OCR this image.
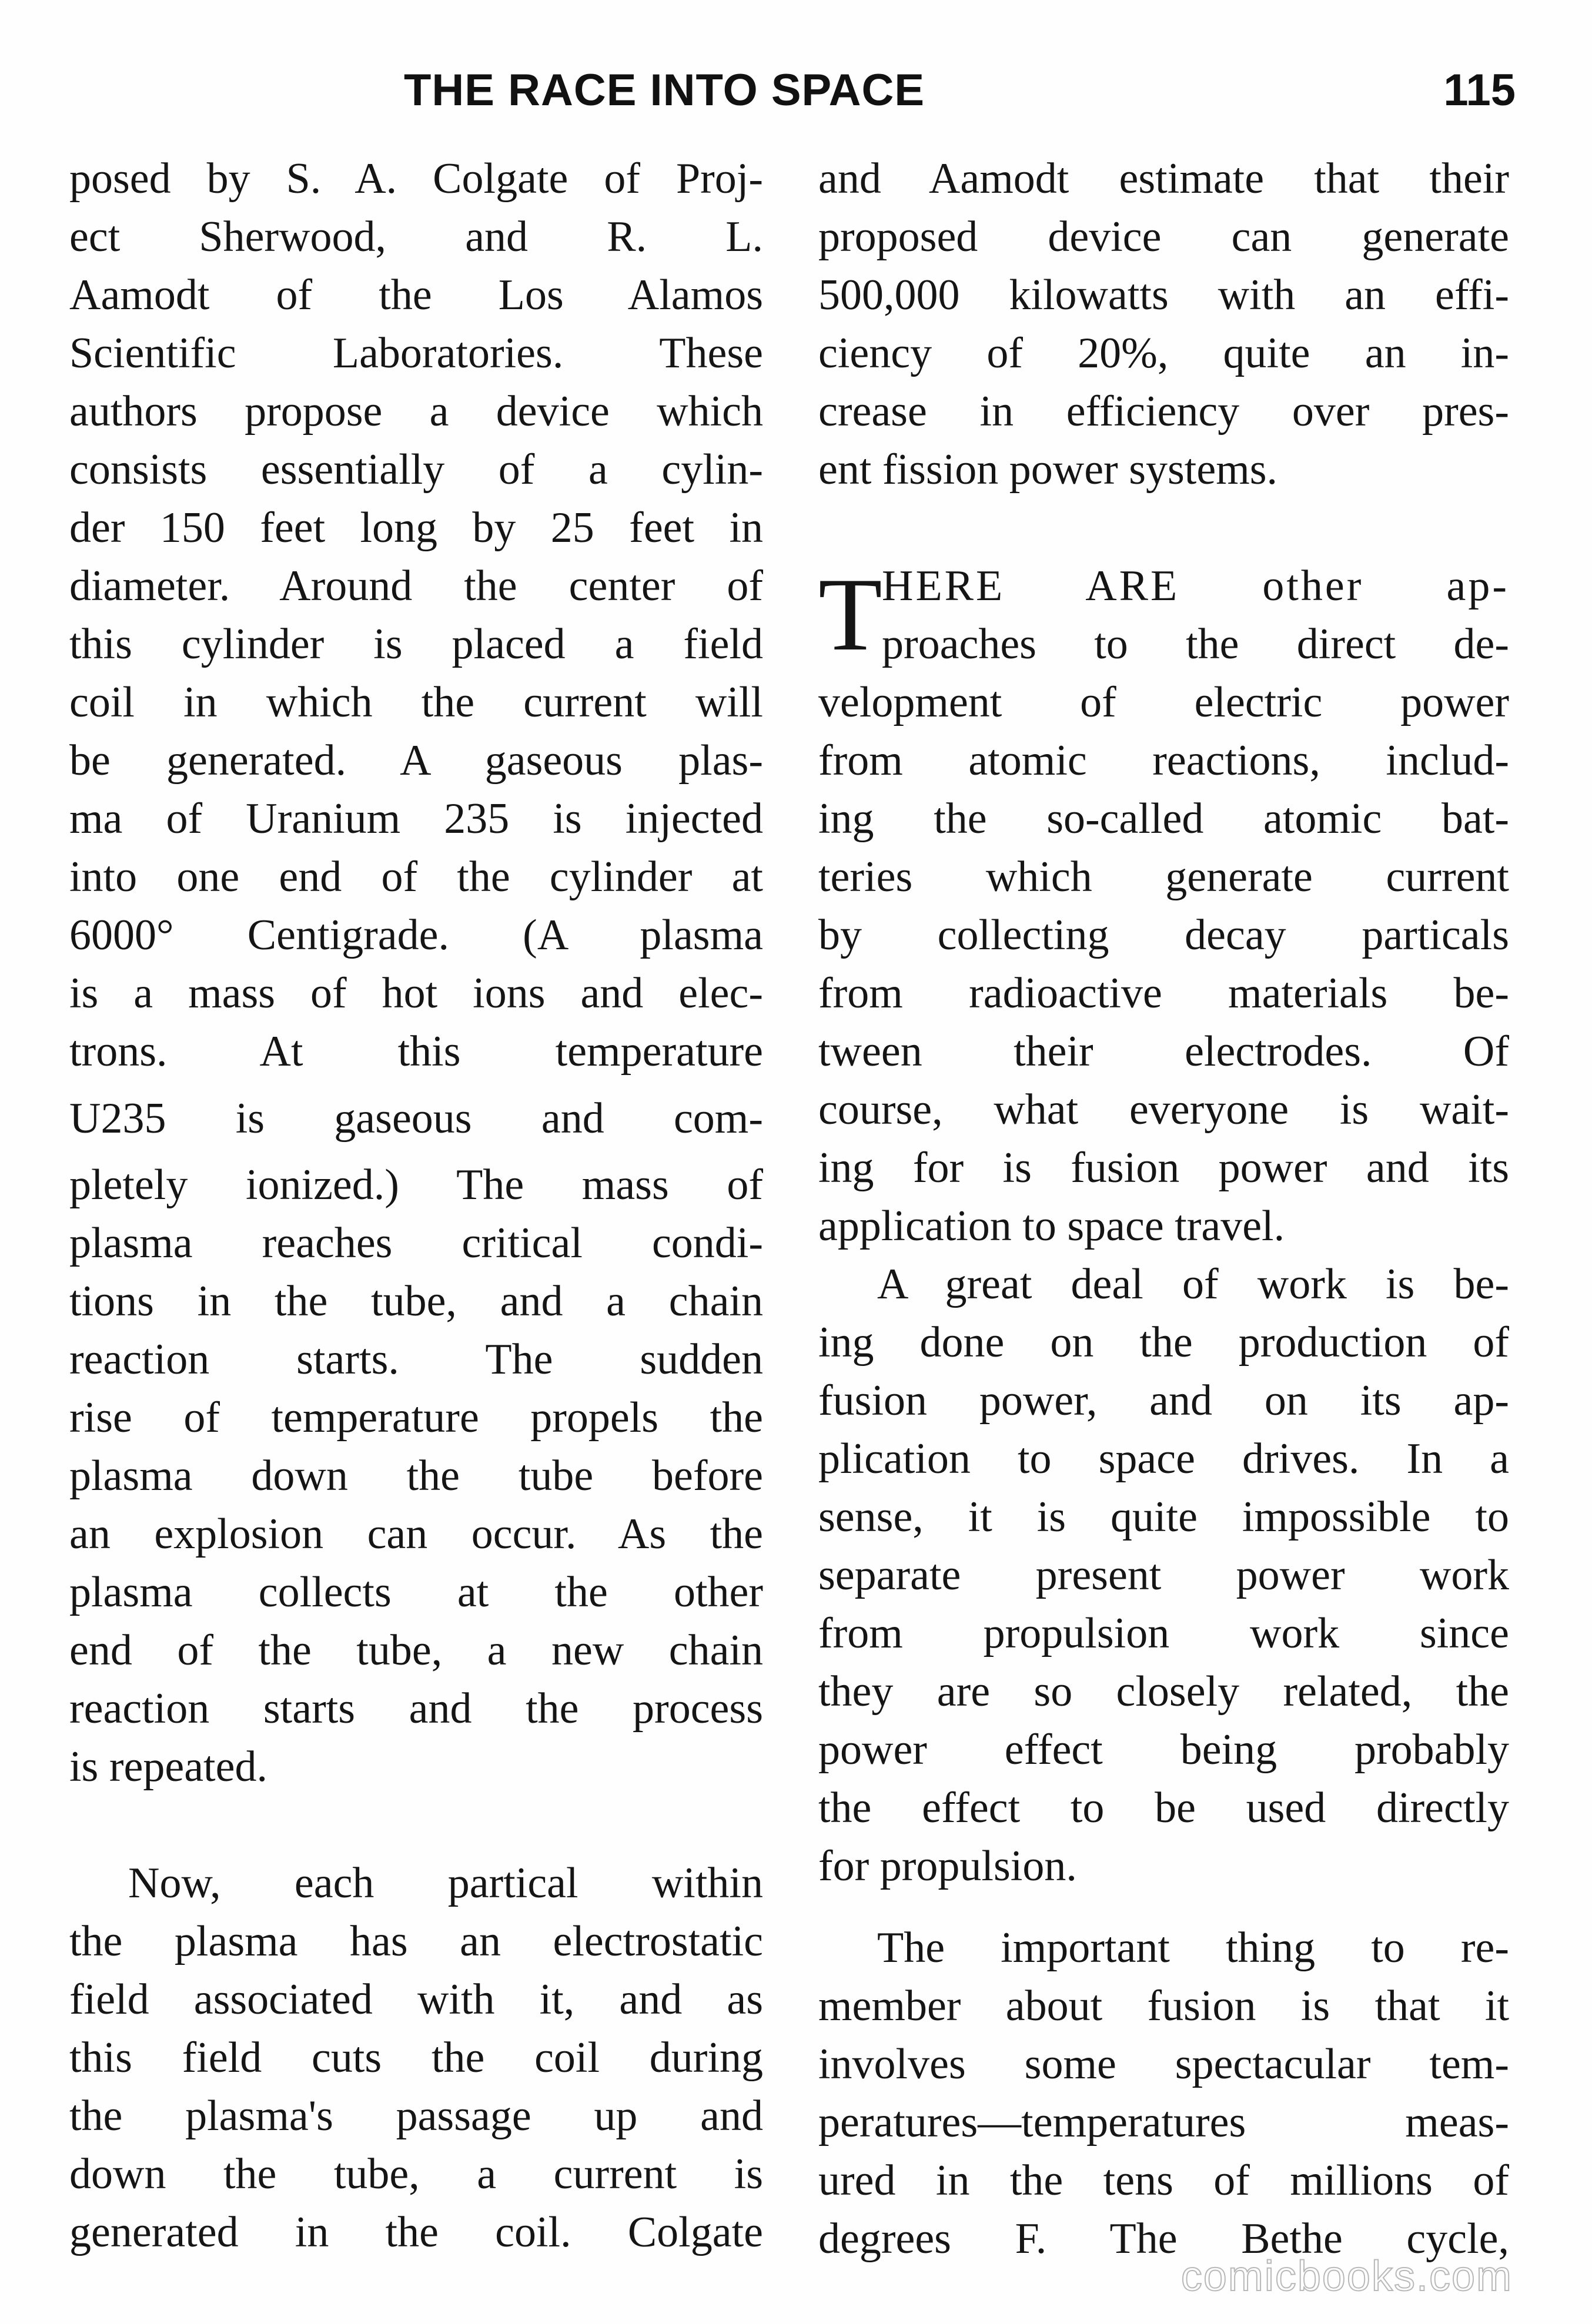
THE RACE INTO SPACE	115
posed by S. A. Colgate of Proj-
ect Sherwood, and R. L.
Aamodt of the Los Alamos
Scientific Laboratories. These
authors propose a device which
consists essentially of a cylin-
der 150 feet long by 25 feet in
diameter. Around the center of
this cylinder is placed a field
coil in which the current will
be generated. A gaseous plas-
ma of Uranium 235 is injected
into one end of the cylinder at
6000° Centigrade. (A plasma
is a mass of hot ions and elec-
trons. At this temperature
U235 is gaseous and com-
pletely ionized.) The mass of
plasma reaches critical condi-
tions in the tube, and a chain
reaction starts. The sudden
rise of temperature propels the
plasma down the tube before
an explosion can occur. As the
plasma collects at the other
end of the tube, a new chain
reaction starts and the process
is repeated.
Now, each partical within
the plasma has an electrostatic
field associated with it, and as
this field cuts the coil during
the plasma's passage up and
down the tube, a current is
generated in the coil. Colgate
and Aamodt estimate that their
proposed device can generate
500,000 kilowatts with an effi-
ciency of 20%, quite an in-
crease in efficiency over pres-
ent fission power systems.
T HERE ARE other ap-
proaches to the direct de-
velopment of electric power
from atomic reactions, includ-
ing the so-called atomic bat-
teries which generate current
by collecting decay particals
from radioactive materials be-
tween their electrodes. Of
course, what everyone is wait-
ing for is fusion power and its
application to space travel.
A great deal of work is be-
ing done on the production of
fusion power, and on its ap-
plication to space drives. In a
sense, it is quite impossible to
separate present power work
from propulsion work since
they are so closely related, the
power effect being probably
the effect to be used directly
for propulsion.
The important thing to re-
member about fusion is that it
involves some spectacular tem-
peratures—temperatures meas-
ured in the tens of millions of
degrees F. The Bethe cycle,
comicbooks.com
